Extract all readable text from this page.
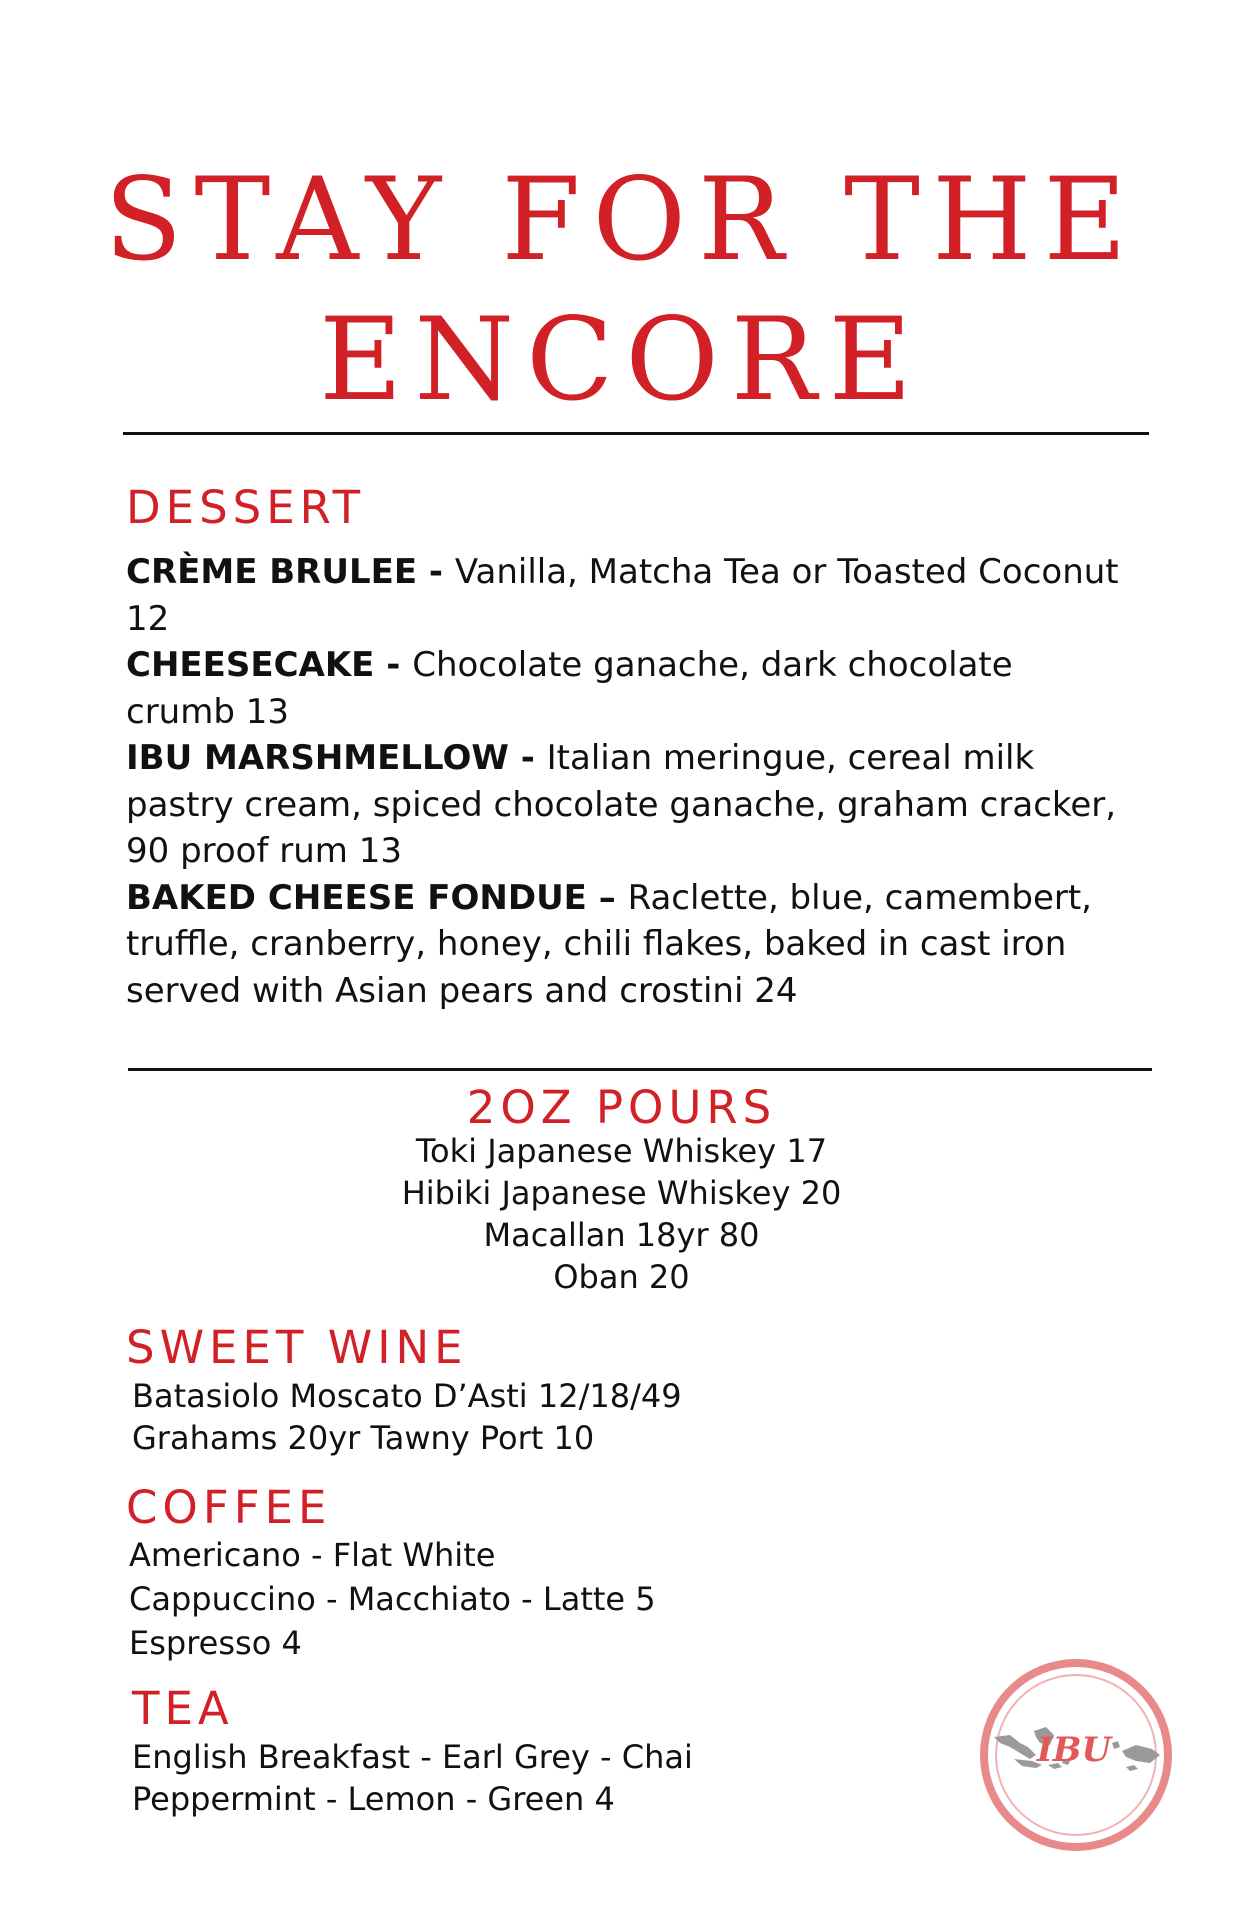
STAY FOR THE
ENCORE
DESSERT
CRÈME BRULEE - Vanilla, Matcha Tea or Toasted Coconut 12
CHEESECAKE - Chocolate ganache, dark chocolate crumb 13
IBU MARSHMELLOW - Italian meringue, cereal milk pastry cream, spiced chocolate ganache, graham cracker, 90 proof rum 13
BAKED CHEESE FONDUE – Raclette, blue, camembert, truffle, cranberry, honey, chili flakes, baked in cast iron served with Asian pears and crostini 24
2OZ POURS
Toki Japanese Whiskey 17
Hibiki Japanese Whiskey 20
Macallan 18yr 80
Oban 20
SWEET WINE
Batasiolo Moscato D’Asti 12/18/49
Grahams 20yr Tawny Port 10
COFFEE
Americano - Flat White
Cappuccino - Macchiato - Latte 5
Espresso 4
TEA
English Breakfast - Earl Grey - Chai
Peppermint - Lemon - Green 4
IBU
